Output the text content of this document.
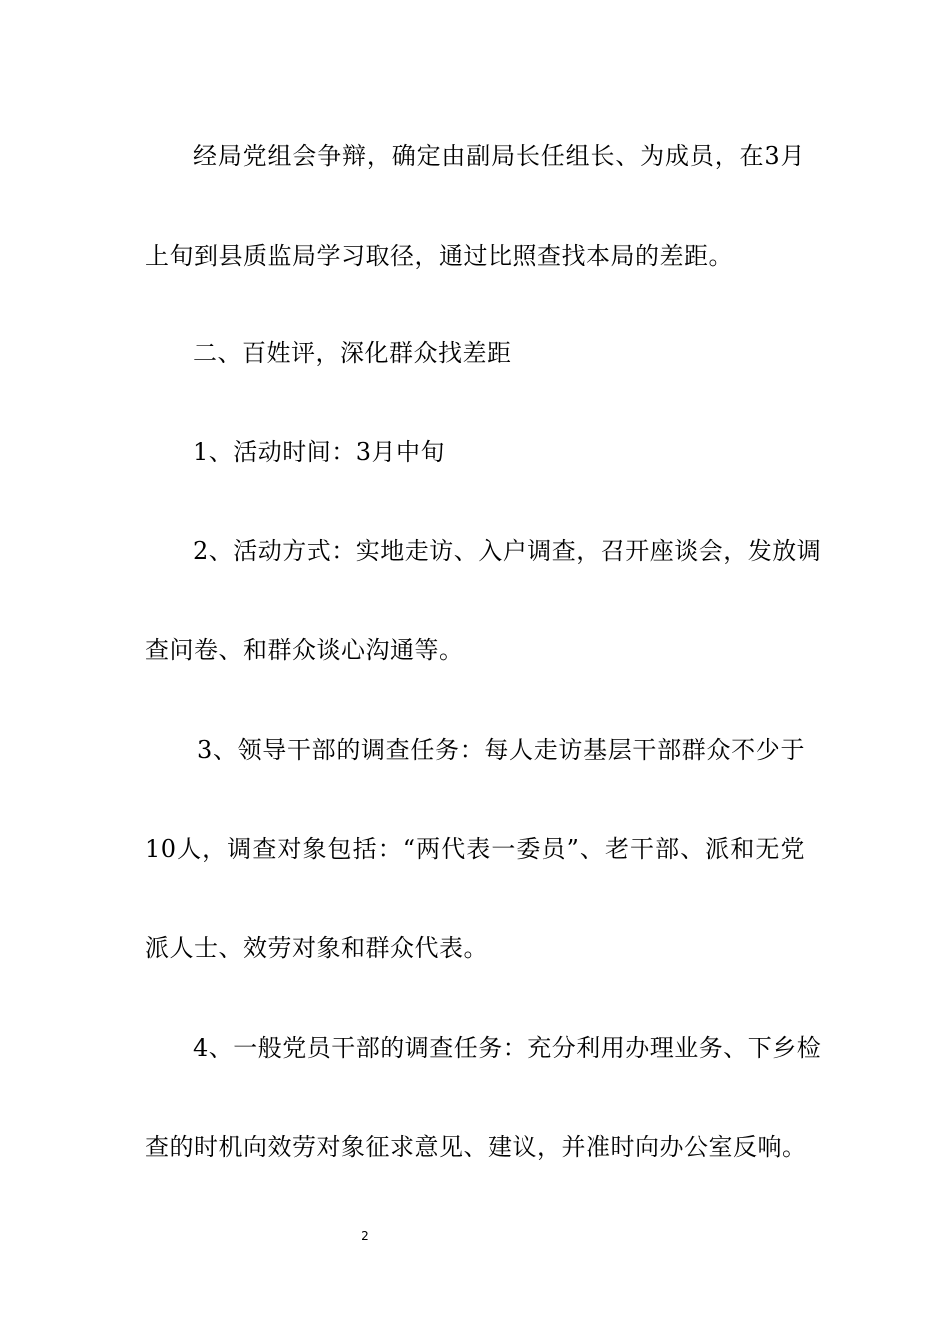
经局党组会争辩，确定由副局长任组长、为成员，在3月
上旬到县质监局学习取径，通过比照查找本局的差距。
二、百姓评，深化群众找差距
1、活动时间：3月中旬
2、活动方式：实地走访、入户调查，召开座谈会，发放调
查问卷、和群众谈心沟通等。
3、领导干部的调查任务：每人走访基层干部群众不少于
10人，调查对象包括：“两代表一委员”、老干部、派和无党
派人士、效劳对象和群众代表。
4、一般党员干部的调查任务：充分利用办理业务、下乡检
查的时机向效劳对象征求意见、建议，并准时向办公室反响。
2
